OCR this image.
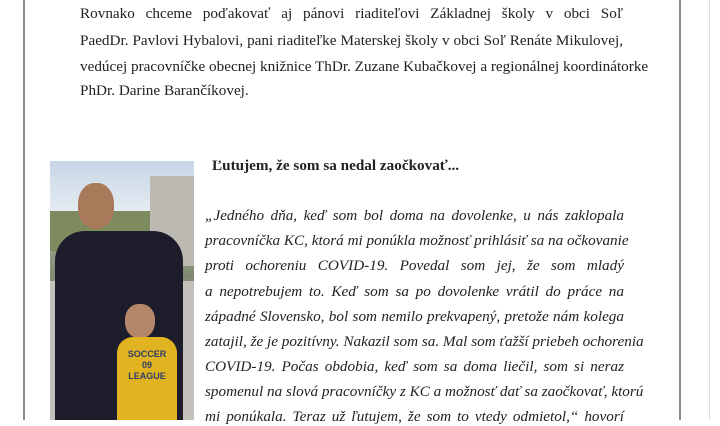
Rovnako chceme poďakovať aj pánovi riaditeľovi Základnej školy v obci Soľ
PaedDr. Pavlovi Hybalovi, pani riaditeľke Materskej školy v obci Soľ Renáte Mikulovej,
vedúcej pracovníčke obecnej knižnice ThDr. Zuzane Kubačkovej a regionálnej koordinátorke
PhDr. Darine Barančíkovej.
SOCCER 09 LEAGUE
Ľutujem, že som sa nedal zaočkovať...
„Jedného dňa, keď som bol doma na dovolenke, u nás zaklopala
pracovníčka KC, ktorá mi ponúkla možnosť prihlásiť sa na očkovanie
proti ochoreniu COVID-19. Povedal som jej, že som mladý
a nepotrebujem to. Keď som sa po dovolenke vrátil do práce na
západné Slovensko, bol som nemilo prekvapený, pretože nám kolega
zatajil, že je pozitívny. Nakazil som sa. Mal som ťažší priebeh ochorenia
COVID-19. Počas obdobia, keď som sa doma liečil, som si neraz
spomenul na slová pracovníčky z KC a možnosť dať sa zaočkovať, ktorú
mi ponúkala. Teraz už ľutujem, že som to vtedy odmietol,“ hovorí
